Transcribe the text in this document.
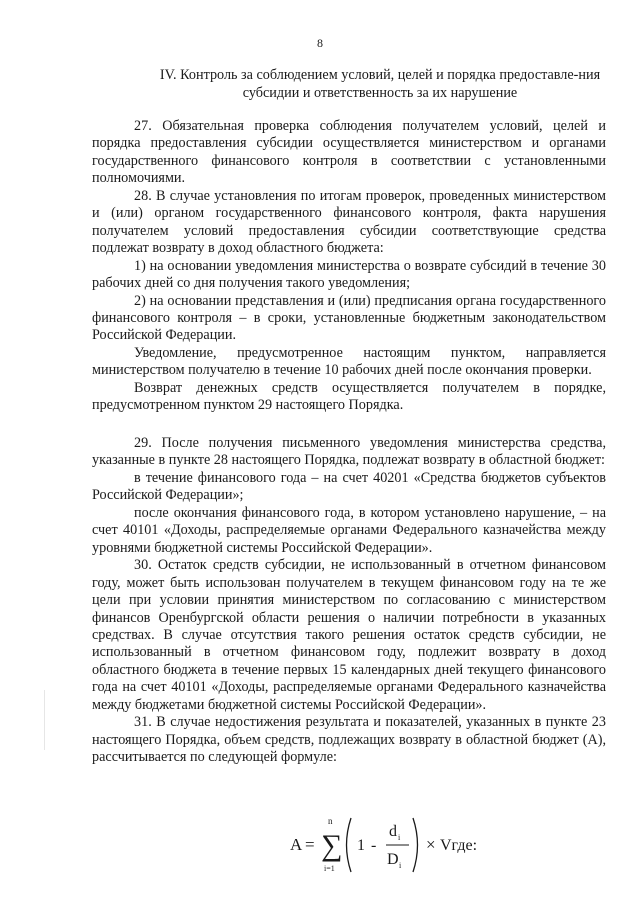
8
IV. Контроль за соблюдением условий, целей и порядка предоставле-ния субсидии и ответственность за их нарушение

27. Обязательная проверка соблюдения получателем условий, целей и порядка предоставления субсидии осуществляется министерством и органами государственного финансового контроля в соответствии с установленными полномочиями.

28. В случае установления по итогам проверок, проведенных министерством и (или) органом государственного финансового контроля, факта нарушения получателем условий предоставления субсидии соответствующие средства подлежат возврату в доход областного бюджета:

1) на основании уведомления министерства о возврате субсидий в течение 30 рабочих дней со дня получения такого уведомления;

2) на основании представления и (или) предписания органа государственного финансового контроля – в сроки, установленные бюджетным законодательством Российской Федерации.

Уведомление, предусмотренное настоящим пунктом, направляется министерством получателю в течение 10 рабочих дней после окончания проверки.

Возврат денежных средств осуществляется получателем в порядке, предусмотренном пунктом 29 настоящего Порядка.

29. После получения письменного уведомления министерства средства, указанные в пункте 28 настоящего Порядка, подлежат возврату в областной бюджет:

в течение финансового года – на счет 40201 «Средства бюджетов субъектов Российской Федерации»;

после окончания финансового года, в котором установлено нарушение, – на счет 40101 «Доходы, распределяемые органами Федерального казначейства между уровнями бюджетной системы Российской Федерации».

30. Остаток средств субсидии, не использованный в отчетном финансовом году, может быть использован получателем в текущем финансовом году на те же цели при условии принятия министерством по согласованию с министерством финансов Оренбургской области решения о наличии потребности в указанных средствах. В случае отсутствия такого решения остаток средств субсидии, не использованный в отчетном финансовом году, подлежит возврату в доход областного бюджета в течение первых 15 календарных дней текущего финансового года на счет 40101 «Доходы, распределяемые органами Федерального казначейства между бюджетами бюджетной системы Российской Федерации».

31. В случае недостижения результата и показателей, указанных в пункте 23 настоящего Порядка, объем средств, подлежащих возврату в областной бюджет (А), рассчитывается по следующей формуле:

A = ∑
n
i=1
1 -
d i
D i
× Vгде:
